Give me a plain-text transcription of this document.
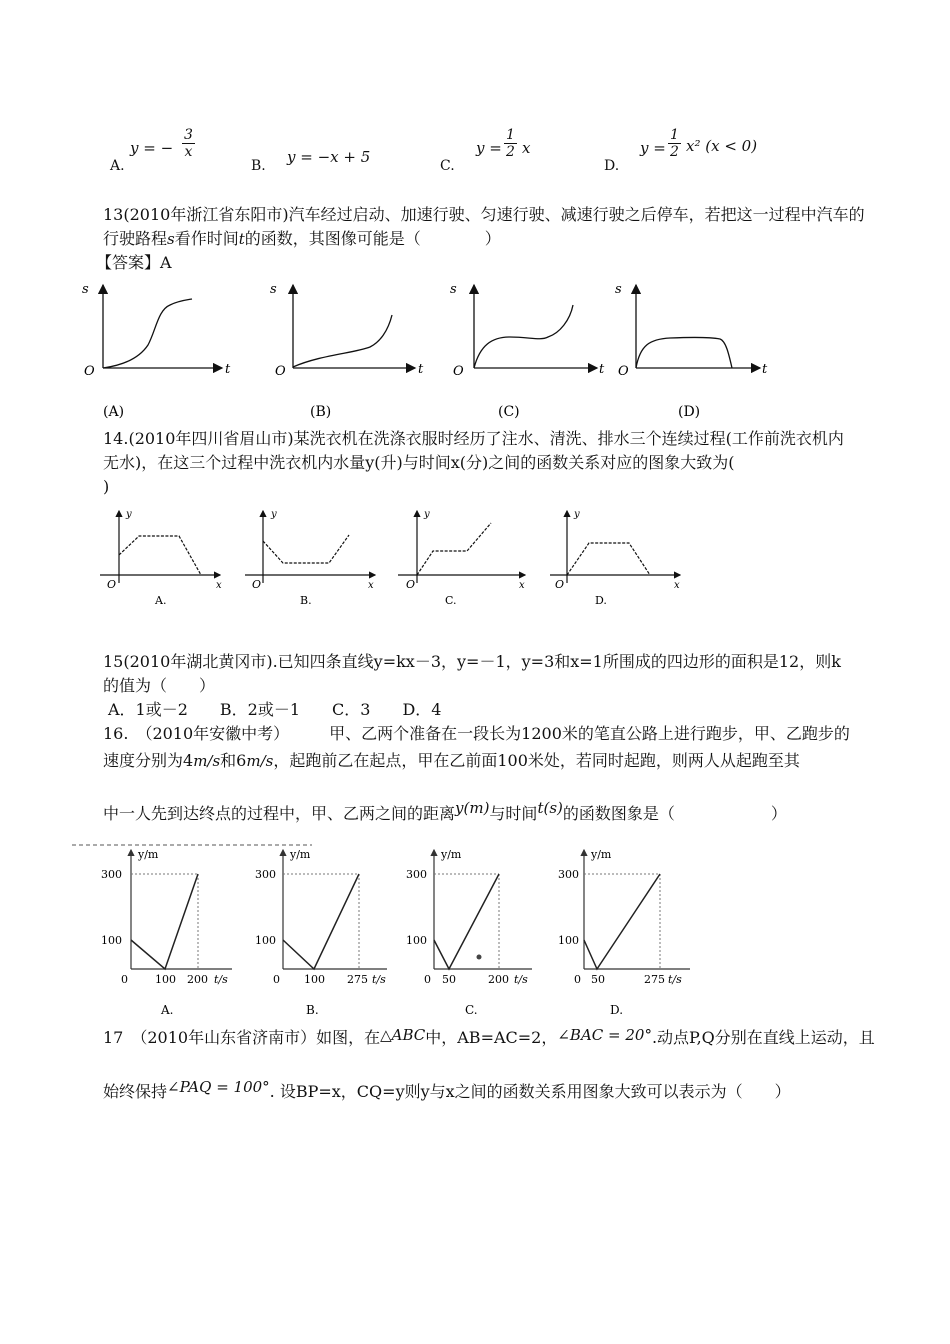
A.
y = − $\frac{3}{x}$
B. y = −x + 5	C.
$y = \frac{1}{2}$ x
D.
$y = \frac{1}{2} x^2$ (x < 0)
13(2010年浙江省东阳市)汽车经过启动、加速行驶、匀速行驶、减速行驶之后停车，若把这一过程中汽车的
行驶路程s看作时间t的函数，其图像可能是（　　　　）
【答案】A
s
t
O
(A)
s
t
O
(B)
s
t
O
(C)
s
t
O
(D)
14.(2010年四川省眉山市)某洗衣机在洗涤衣服时经历了注水、清洗、排水三个连续过程(工作前洗衣机内
无水)，在这三个过程中洗衣机内水量y(升)与时间x(分)之间的函数关系对应的图象大致为(
)
y
x
O
A.
y
x
O
B.
y
x
O
C.
y
x
O
D.
15(2010年湖北黄冈市).已知四条直线y=kx－3，y=－1，y=3和x=1所围成的四边形的面积是12，则k
的值为（　　）
A．1或－2　　B．2或－1　　C．3　　D．4
16.　（2010年安徽中考）	甲、乙两个准备在一段长为1200米的笔直公路上进行跑步，甲、乙跑步的
速度分别为4m/s和6m/s，起跑前乙在起点，甲在乙前面100米处，若同时起跑，则两人从起跑至其
中一人先到达终点的过程中，甲、乙两之间的距离y(m)与时间t(s)的函数图象是（　　　　　　）
y/m
300
100
0 100 200 t/s
A.
y/m
300
100
0 100 275 t/s
B.
y/m
300
100
0 50	200 t/s
C.
y/m
300
100
0 50	275 t/s
D.
17　（2010年山东省济南市）如图，在△ABC中，AB=AC=2，∠BAC = 20°.动点P,Q分别在直线上运动，且
始终保持∠PAQ = 100°. 设BP=x，CQ=y则y与x之间的函数关系用图象大致可以表示为（　　）
